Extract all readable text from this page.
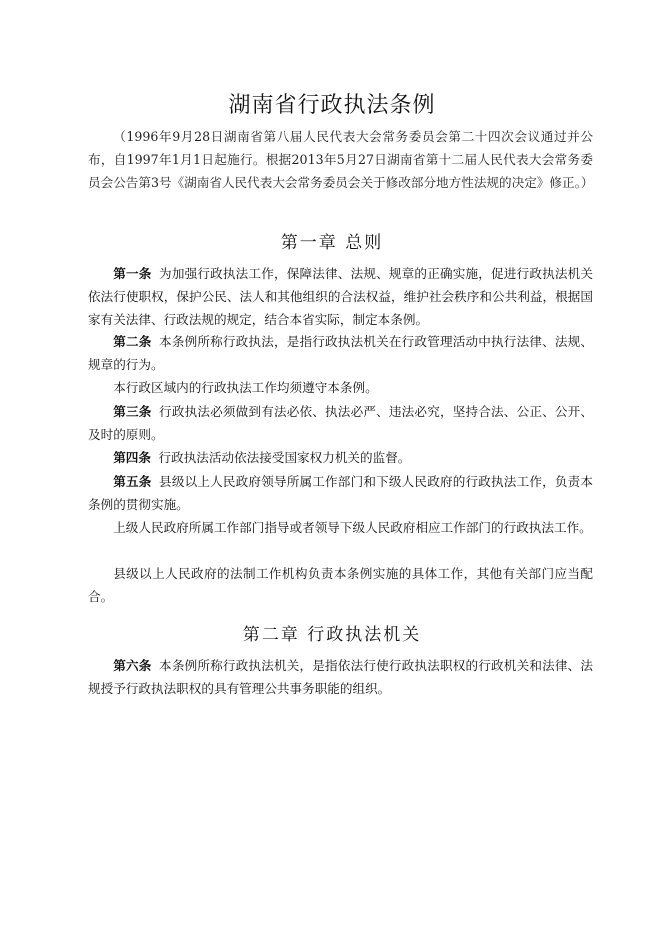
湖南省行政执法条例
（1996年9月28日湖南省第八届人民代表大会常务委员会第二十四次会议通过并公布，自1997年1月1日起施行。根据2013年5月27日湖南省第十二届人民代表大会常务委员会公告第3号《湖南省人民代表大会常务委员会关于修改部分地方性法规的决定》修正。）
第一章 总则
第一条 为加强行政执法工作，保障法律、法规、规章的正确实施，促进行政执法机关依法行使职权，保护公民、法人和其他组织的合法权益，维护社会秩序和公共利益，根据国家有关法律、行政法规的规定，结合本省实际，制定本条例。
第二条 本条例所称行政执法，是指行政执法机关在行政管理活动中执行法律、法规、规章的行为。
本行政区域内的行政执法工作均须遵守本条例。
第三条 行政执法必须做到有法必依、执法必严、违法必究，坚持合法、公正、公开、及时的原则。
第四条 行政执法活动依法接受国家权力机关的监督。
第五条 县级以上人民政府领导所属工作部门和下级人民政府的行政执法工作，负责本条例的贯彻实施。
上级人民政府所属工作部门指导或者领导下级人民政府相应工作部门的行政执法工作。
县级以上人民政府的法制工作机构负责本条例实施的具体工作，其他有关部门应当配合。
第二章 行政执法机关
第六条 本条例所称行政执法机关，是指依法行使行政执法职权的行政机关和法律、法规授予行政执法职权的具有管理公共事务职能的组织。
